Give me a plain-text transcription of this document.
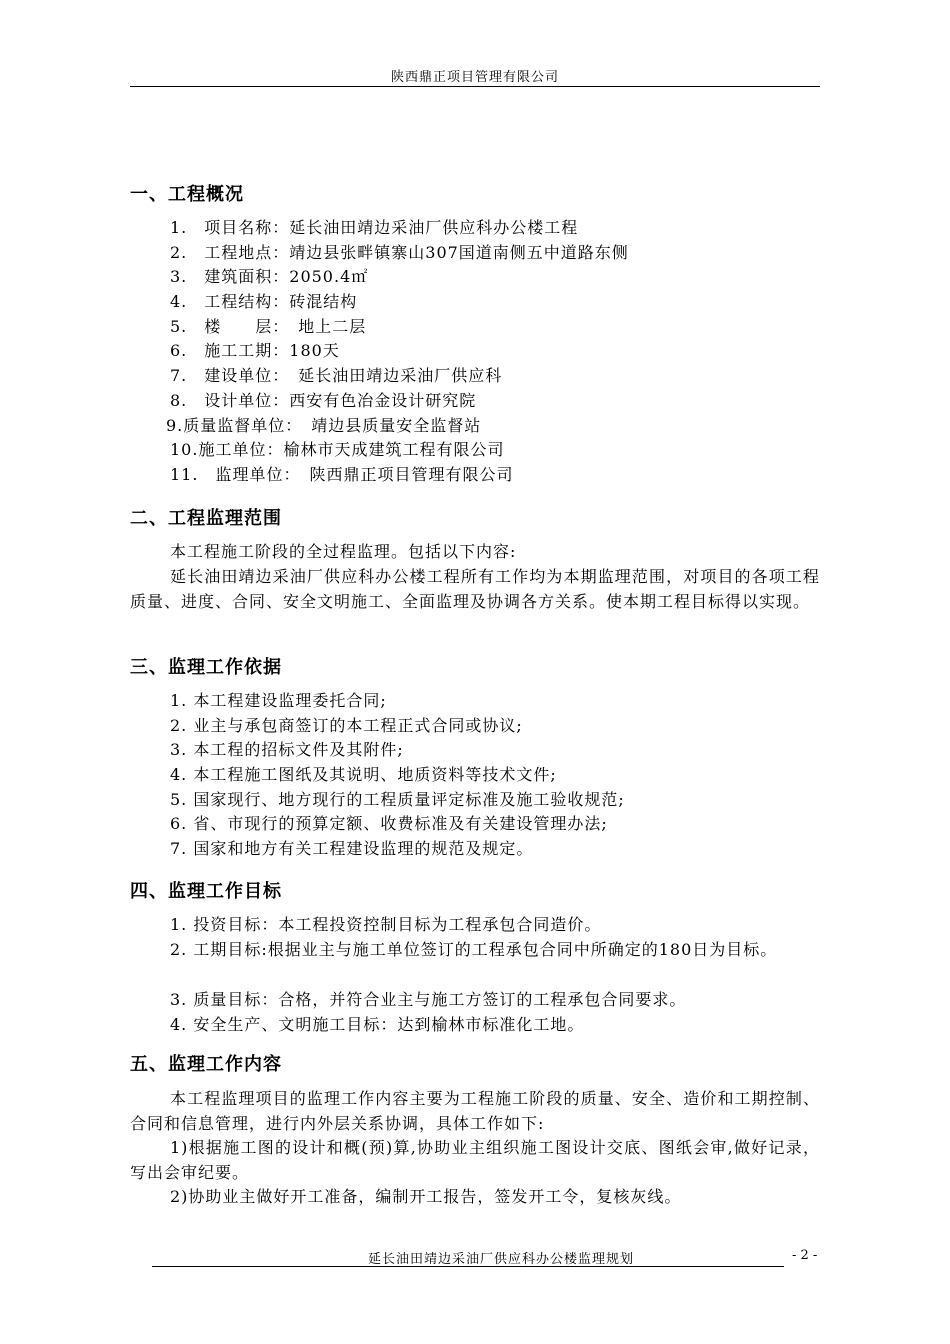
陕西鼎正项目管理有限公司
一、工程概况
1.　项目名称：延长油田靖边采油厂供应科办公楼工程
2.　工程地点：靖边县张畔镇寨山307国道南侧五中道路东侧
3.　建筑面积：2050.4㎡
4.　工程结构：砖混结构
5.　楼　　层：　地上二层
6.　施工工期：180天
7.　建设单位：　延长油田靖边采油厂供应科
8.　设计单位：西安有色冶金设计研究院
9.质量监督单位：　靖边县质量安全监督站
10.施工单位：榆林市天成建筑工程有限公司
11.　监理单位：　陕西鼎正项目管理有限公司
二、工程监理范围

本工程施工阶段的全过程监理。包括以下内容:

延长油田靖边采油厂供应科办公楼工程所有工作均为本期监理范围，对项目的各项工程质量、进度、合同、安全文明施工、全面监理及协调各方关系。使本期工程目标得以实现。

三、监理工作依据
1. 本工程建设监理委托合同;
2. 业主与承包商签订的本工程正式合同或协议;
3. 本工程的招标文件及其附件;
4. 本工程施工图纸及其说明、地质资料等技术文件;
5. 国家现行、地方现行的工程质量评定标准及施工验收规范;
6. 省、市现行的预算定额、收费标准及有关建设管理办法;
7. 国家和地方有关工程建设监理的规范及规定。
四、监理工作目标

1. 投资目标：本工程投资控制目标为工程承包合同造价。

2. 工期目标:根据业主与施工单位签订的工程承包合同中所确定的180日为目标。

3. 质量目标：合格，并符合业主与施工方签订的工程承包合同要求。

4. 安全生产、文明施工目标：达到榆林市标准化工地。

五、监理工作内容

本工程监理项目的监理工作内容主要为工程施工阶段的质量、安全、造价和工期控制、合同和信息管理，进行内外层关系协调，具体工作如下:

1)根据施工图的设计和概(预)算,协助业主组织施工图设计交底、图纸会审,做好记录，写出会审纪要。

2)协助业主做好开工准备，编制开工报告，签发开工令，复核灰线。

延长油田靖边采油厂供应科办公楼监理规划	- 2 -
